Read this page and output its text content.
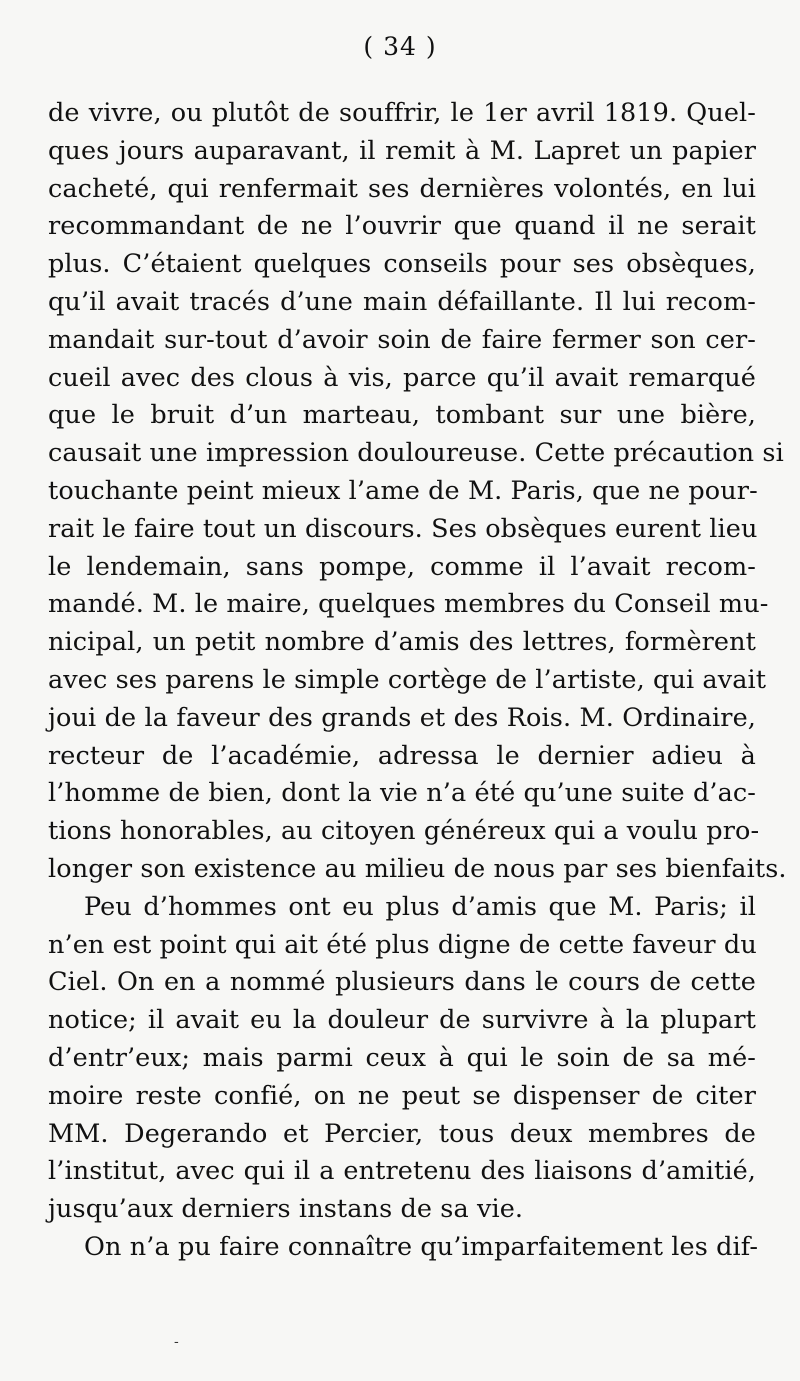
( 34 )
de vivre, ou plutôt de souffrir, le 1er avril 1819. Quel-
ques jours auparavant, il remit à M. Lapret un papier
cacheté, qui renfermait ses dernières volontés, en lui
recommandant de ne l’ouvrir que quand il ne serait
plus. C’étaient quelques conseils pour ses obsèques,
qu’il avait tracés d’une main défaillante. Il lui recom-
mandait sur-tout d’avoir soin de faire fermer son cer-
cueil avec des clous à vis, parce qu’il avait remarqué
que le bruit d’un marteau, tombant sur une bière,
causait une impression douloureuse. Cette précaution si
touchante peint mieux l’ame de M. Paris, que ne pour-
rait le faire tout un discours. Ses obsèques eurent lieu
le lendemain, sans pompe, comme il l’avait recom-
mandé. M. le maire, quelques membres du Conseil mu-
nicipal, un petit nombre d’amis des lettres, formèrent
avec ses parens le simple cortège de l’artiste, qui avait
joui de la faveur des grands et des Rois. M. Ordinaire,
recteur de l’académie, adressa le dernier adieu à
l’homme de bien, dont la vie n’a été qu’une suite d’ac-
tions honorables, au citoyen généreux qui a voulu pro-
longer son existence au milieu de nous par ses bienfaits.
Peu d’hommes ont eu plus d’amis que M. Paris; il
n’en est point qui ait été plus digne de cette faveur du
Ciel. On en a nommé plusieurs dans le cours de cette
notice; il avait eu la douleur de survivre à la plupart
d’entr’eux; mais parmi ceux à qui le soin de sa mé-
moire reste confié, on ne peut se dispenser de citer
MM. Degerando et Percier, tous deux membres de
l’institut, avec qui il a entretenu des liaisons d’amitié,
jusqu’aux derniers instans de sa vie.
On n’a pu faire connaître qu’imparfaitement les dif-
-
